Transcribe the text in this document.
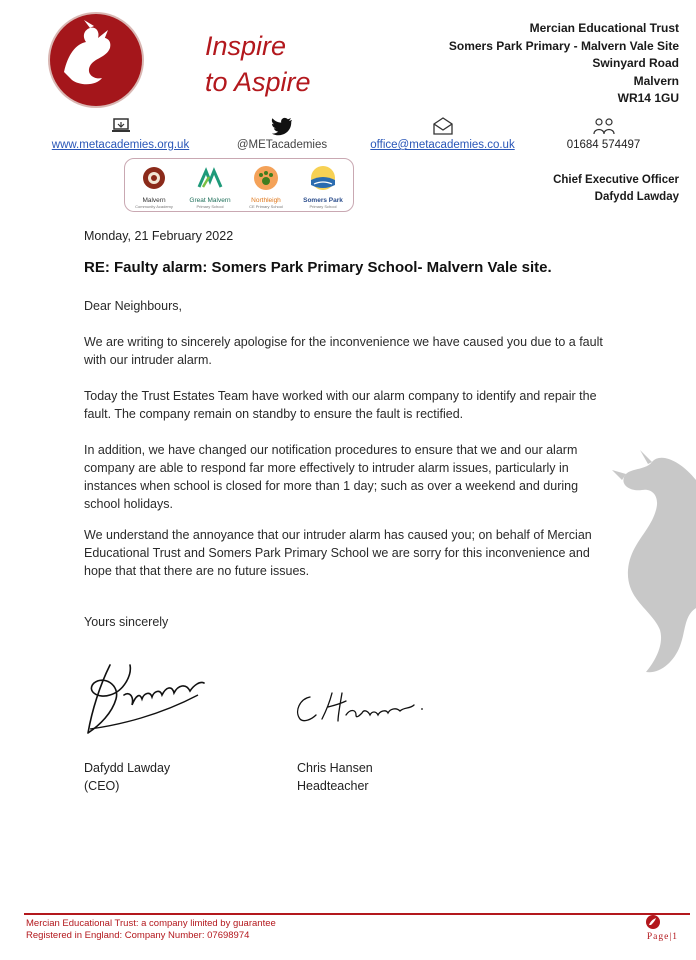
MET
Inspire
to Aspire
Mercian Educational Trust
Somers Park Primary - Malvern Vale Site
Swinyard Road
Malvern
WR14 1GU
www.metacademies.org.uk	@METacademies	office@metacademies.co.uk	01684 574497
Malvern
Community Academy
Great Malvern
Primary School
Northleigh
CE Primary School
Somers Park
Primary School
Chief Executive Officer
Dafydd Lawday
Monday, 21 February 2022
RE: Faulty alarm: Somers Park Primary School- Malvern Vale site.
Dear Neighbours,
We are writing to sincerely apologise for the inconvenience we have caused you due to a fault with our intruder alarm.
Today the Trust Estates Team have worked with our alarm company to identify and repair the fault. The company remain on standby to ensure the fault is rectified.
In addition, we have changed our notification procedures to ensure that we and our alarm company are able to respond far more effectively to intruder alarm issues, particularly in instances when school is closed for more than 1 day; such as over a weekend and during school holidays.
We understand the annoyance that our intruder alarm has caused you; on behalf of Mercian Educational Trust and Somers Park Primary School we are sorry for this inconvenience and hope that that there are no future issues.
Yours sincerely
Dafydd Lawday
(CEO)
Chris Hansen
Headteacher
Mercian Educational Trust: a company limited by guarantee
Registered in England: Company Number: 07698974	Page|1
